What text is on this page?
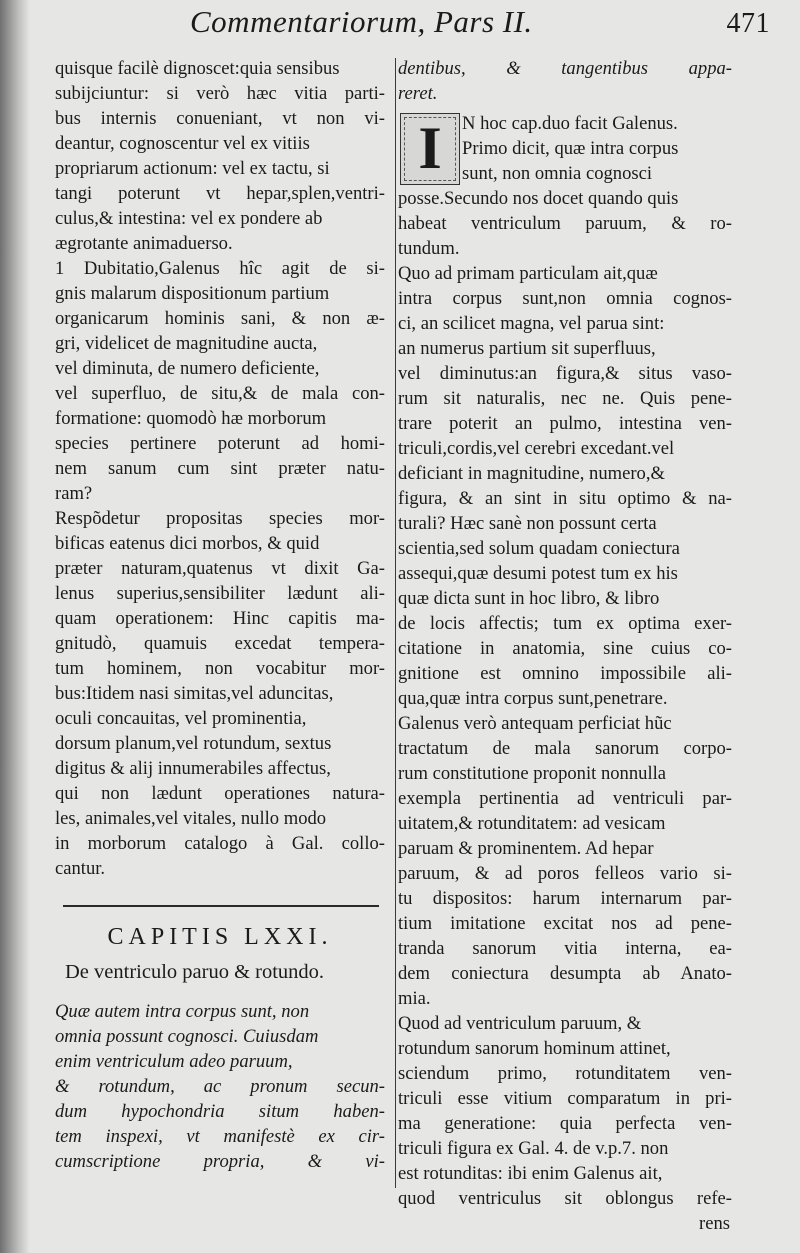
Commentariorum, Pars II.	471
quisque facilè dignoscet:quia sensibus
subijciuntur: si verò hæc vitia parti-
bus internis conueniant, vt non vi-
deantur, cognoscentur vel ex vitiis
propriarum actionum: vel ex tactu, si
tangi poterunt vt hepar,splen,ventri-
culus,& intestina: vel ex pondere ab
ægrotante animaduerso.
1 Dubitatio,Galenus hîc agit de si-
gnis malarum dispositionum partium
organicarum hominis sani, & non æ-
gri, videlicet de magnitudine aucta,
vel diminuta, de numero deficiente,
vel superfluo, de situ,& de mala con-
formatione: quomodò hæ morborum
species pertinere poterunt ad homi-
nem sanum cum sint præter natu-
ram?
Respõdetur propositas species mor-
bificas eatenus dici morbos, & quid
præter naturam,quatenus vt dixit Ga-
lenus superius,sensibiliter lædunt ali-
quam operationem: Hinc capitis ma-
gnitudò, quamuis excedat tempera-
tum hominem, non vocabitur mor-
bus:Itidem nasi simitas,vel aduncitas,
oculi concauitas, vel prominentia,
dorsum planum,vel rotundum, sextus
digitus & alij innumerabiles affectus,
qui non lædunt operationes natura-
les, animales,vel vitales, nullo modo
in morborum catalogo à Gal. collo-
cantur.
CAPITIS LXXI.
De ventriculo paruo & rotundo.
Quæ autem intra corpus sunt, non
omnia possunt cognosci. Cuiusdam
enim ventriculum adeo paruum,
& rotundum, ac pronum secun-
dum hypochondria situm haben-
tem inspexi, vt manifestè ex cir-
cumscriptione propria, & vi-
dentibus, & tangentibus appa-
reret.
I	N hoc cap.duo facit Galenus.
Primo dicit, quæ intra corpus
sunt, non omnia cognosci
posse.Secundo nos docet quando quis
habeat ventriculum paruum, & ro-
tundum.
Quo ad primam particulam ait,quæ
intra corpus sunt,non omnia cognos-
ci, an scilicet magna, vel parua sint:
an numerus partium sit superfluus,
vel diminutus:an figura,& situs vaso-
rum sit naturalis, nec ne. Quis pene-
trare poterit an pulmo, intestina ven-
triculi,cordis,vel cerebri excedant.vel
deficiant in magnitudine, numero,&
figura, & an sint in situ optimo & na-
turali? Hæc sanè non possunt certa
scientia,sed solum quadam coniectura
assequi,quæ desumi potest tum ex his
quæ dicta sunt in hoc libro, & libro
de locis affectis; tum ex optima exer-
citatione in anatomia, sine cuius co-
gnitione est omnino impossibile ali-
qua,quæ intra corpus sunt,penetrare.
Galenus verò antequam perficiat hũc
tractatum de mala sanorum corpo-
rum constitutione proponit nonnulla
exempla pertinentia ad ventriculi par-
uitatem,& rotunditatem: ad vesicam
paruam & prominentem. Ad hepar
paruum, & ad poros felleos vario si-
tu dispositos: harum internarum par-
tium imitatione excitat nos ad pene-
tranda sanorum vitia interna, ea-
dem coniectura desumpta ab Anato-
mia.
Quod ad ventriculum paruum, &
rotundum sanorum hominum attinet,
sciendum primo, rotunditatem ven-
triculi esse vitium comparatum in pri-
ma generatione: quia perfecta ven-
triculi figura ex Gal. 4. de v.p.7. non
est rotunditas: ibi enim Galenus ait,
quod ventriculus sit oblongus refe-
rens
